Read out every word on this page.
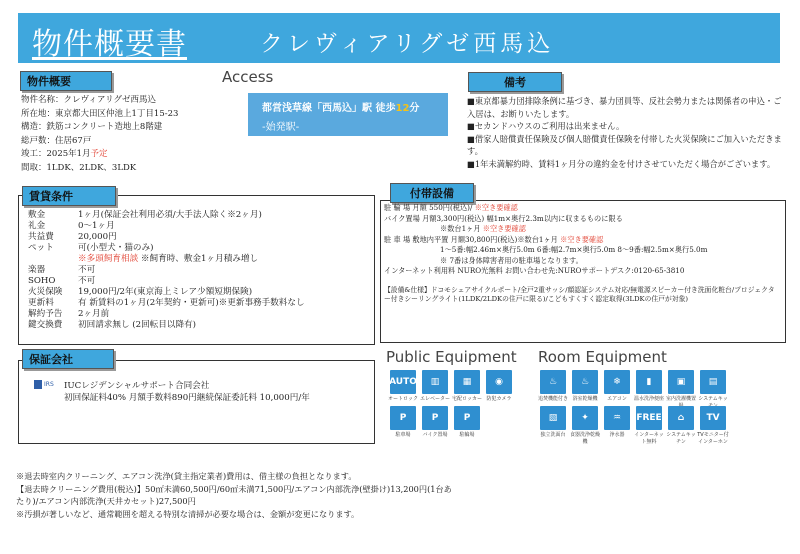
物件概要書	クレヴィアリグゼ西馬込
物件概要
物件名称：クレヴィアリグゼ西馬込
所在地：東京都大田区仲池上1丁目15-23
構造：鉄筋コンクリート造地上8階建
総戸数：住居67戸
竣工：2025年1月予定
間取：1LDK、2LDK、3LDK
Access
都営浅草線「西馬込」駅 徒歩12分
-始発駅-
備考
■東京都暴力団排除条例に基づき、暴力団員等、反社会勢力または関係者の申込・ご入居は、お断りいたします。
■セカンドハウスのご利用は出来ません。
■借家人賠償責任保険及び個人賠償責任保険を付帯した火災保険にご加入いただきます。
■1年未満解約時、賃料1ヶ月分の違約金を付けさせていただく場合がございます。
賃貸条件
敷金	1ヶ月(保証会社利用必須/大手法人除く※2ヶ月)
礼金	0～1ヶ月
共益費	20,000円
ペット	可(小型犬・猫のみ)
※多頭飼育相談 ※飼育時、敷金1ヶ月積み増し
楽器	不可
SOHO	不可
火災保険	19,000円/2年(東京海上ミレア少額短期保険)
更新料	有 新賃料の1ヶ月(2年契約・更新可)※更新事務手数料なし
解約予告	2ヶ月前
鍵交換費	初回請求無し (2回転目以降有)
付帯設備
駐 輪 場 月額 550円(税込)/ ※空き要確認
バイク置場 月額3,300円(税込) 幅1m×奥行2.3m以内に収まるものに限る
※数台1ヶ月 ※空き要確認
駐 車 場 敷地内平置 月額30,800円(税込)※数台1ヶ月 ※空き要確認
1～5番:幅2.46m×奥行5.0m 6番:幅2.7m×奥行5.0m 8～9番:幅2.5m×奥行5.0m
※ 7番は身体障害者用の駐車場となります。
インターネット利用料 NURO光無料 お問い合わせ先:NUROサポートデスク:0120-65-3810
【設備&仕様】ドコモシェアサイクルポート/全戸2重サッシ/顔認証システム対応/無電源スピーカー付き洗面化粧台/プロジェクター付きシーリングライト(1LDK/2LDKの住戸に限る)/こどもすくすく認定取得(3LDKの住戸が対象)
保証会社
IRS IUCレジデンシャルサポート合同会社
初回保証料40% 月額手数料890円継続保証委託料 10,000円/年
Public Equipment
AUTO
オートロック
▥
エレベーター
▦
宅配ロッカー
◉
防犯カメラ
P
駐車場
P
バイク置場
P
駐輪場
Room Equipment
♨
追焚機能付き
♨
浴室乾燥機
❄
エアコン
▮
温水洗浄便座
▣
室内洗濯機置
▤
システムキッ
▧
独立洗面台
✦
食器洗浄乾燥機
♒
浄水器
FREE
インターネット無料
⌂
システムキッチン
TV
TVモニター付インターホン
※退去時室内クリーニング、エアコン洗浄(貸主指定業者)費用は、借主様の負担となります。
【退去時クリーニング費用(税込)】50㎡未満60,500円/60㎡未満71,500円/エアコン内部洗浄(壁掛け)13,200円(1台あ
たり)/エアコン内部洗浄(天井カセット)27,500円
※汚損が著しいなど、通常範囲を超える特別な清掃が必要な場合は、金額が変更になります。
